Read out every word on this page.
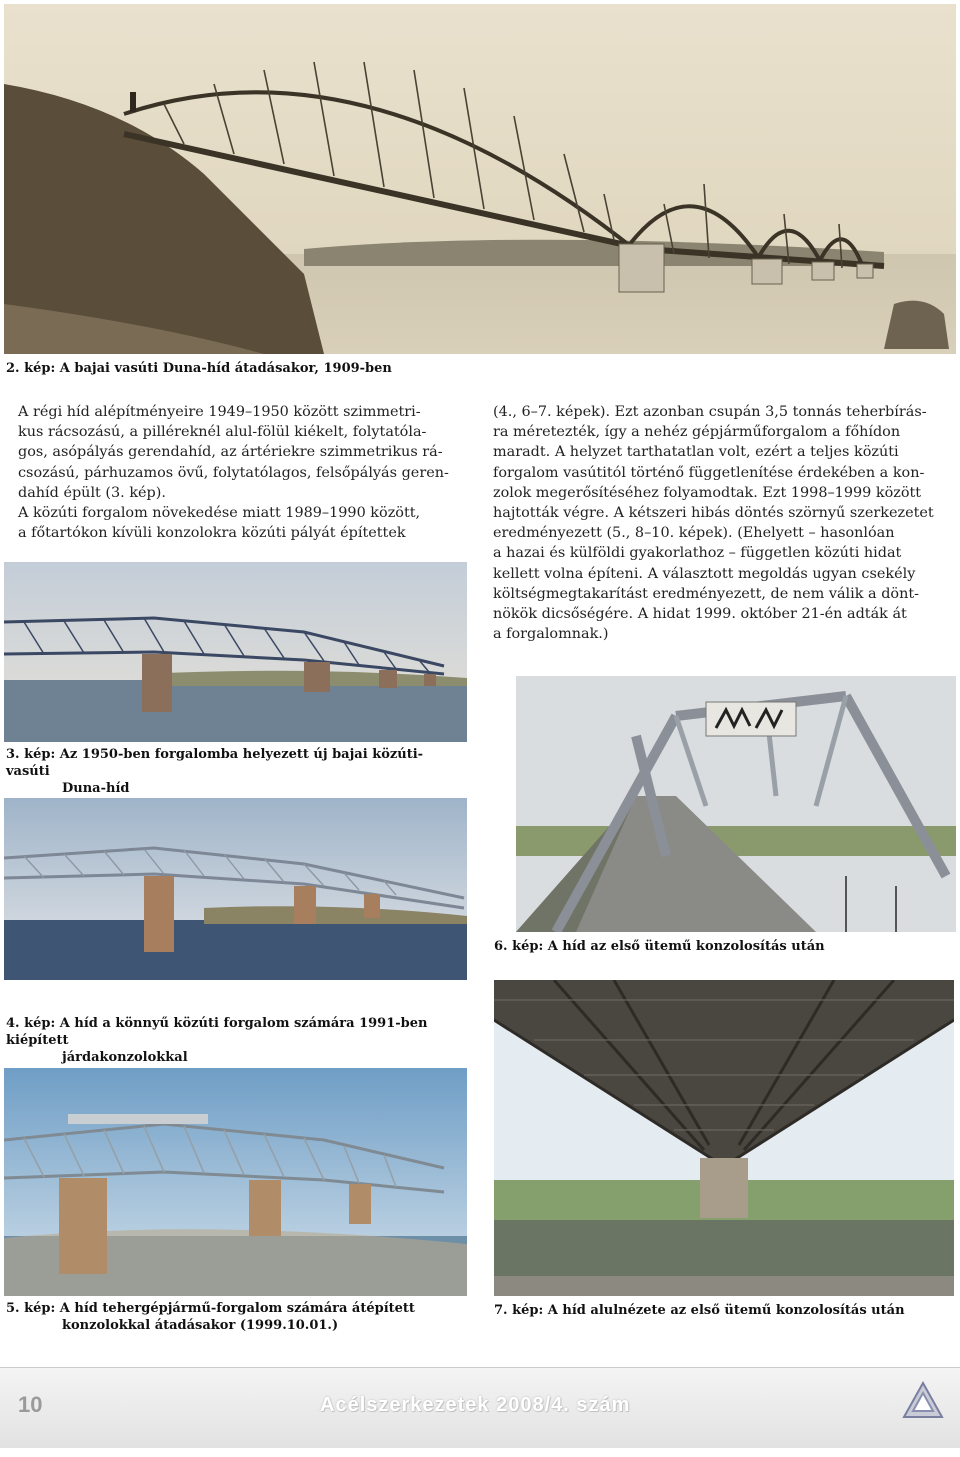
2. kép: A bajai vasúti Duna-híd átadásakor, 1909-ben

A régi híd alépítményeire 1949–1950 között szimmetri-

kus rácsozású, a pilléreknél alul-fölül kiékelt, folytatóla-

gos, asópályás gerendahíd, az ártériekre szimmetrikus rá-

csozású, párhuzamos övű, folytatólagos, felsőpályás geren-

dahíd épült (3. kép).

A közúti forgalom növekedése miatt 1989–1990 között,

a főtartókon kívüli konzolokra közúti pályát építettek

(4., 6–7. képek). Ezt azonban csupán 3,5 tonnás teherbírás-

ra méretezték, így a nehéz gépjárműforgalom a főhídon

maradt. A helyzet tarthatatlan volt, ezért a teljes közúti

forgalom vasútitól történő függetlenítése érdekében a kon-

zolok megerősítéséhez folyamodtak. Ezt 1998–1999 között

hajtották végre. A kétszeri hibás döntés szörnyű szerkezetet

eredményezett (5., 8–10. képek). (Ehelyett – hasonlóan

a hazai és külföldi gyakorlathoz – független közúti hidat

kellett volna építeni. A választott megoldás ugyan csekély

költségmegtakarítást eredményezett, de nem válik a dönt-

nökök dicsőségére. A hidat 1999. október 21-én adták át

a forgalomnak.)

3. kép: Az 1950-ben forgalomba helyezett új bajai közúti-vasúti
Duna-híd
6. kép: A híd az első ütemű konzolosítás után
4. kép: A híd a könnyű közúti forgalom számára 1991-ben kiépített
járdakonzolokkal
7. kép: A híd alulnézete az első ütemű konzolosítás után
5. kép: A híd tehergépjármű-forgalom számára átépített
konzolokkal átadásakor (1999.10.01.)
10	Acélszerkezetek 2008/4. szám
